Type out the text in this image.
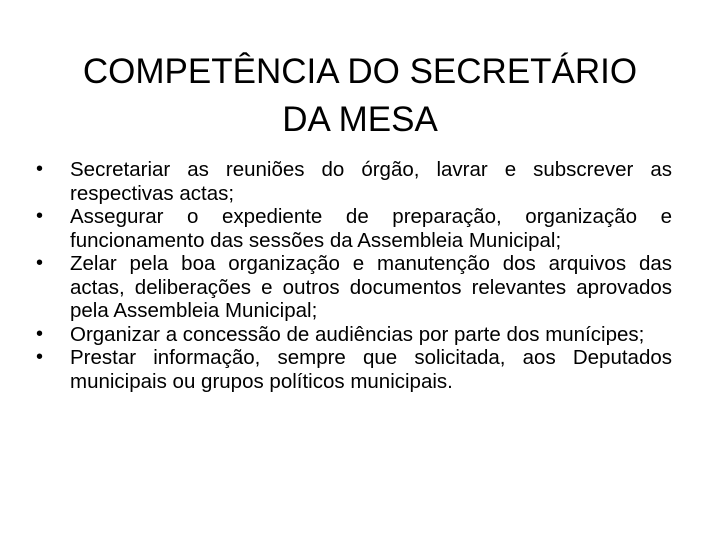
COMPETÊNCIA DO SECRETÁRIO DA MESA
•	Secretariar as reuniões do órgão, lavrar e subscrever as respectivas actas;
•	Assegurar o expediente de preparação, organização e funcionamento das sessões da Assembleia Municipal;
•	Zelar pela boa organização e manutenção dos arquivos das actas, deliberações e outros documentos relevantes aprovados pela Assembleia Municipal;
•	Organizar a concessão de audiências por parte dos munícipes;
•	Prestar informação, sempre que solicitada, aos Deputados municipais ou grupos políticos municipais.
